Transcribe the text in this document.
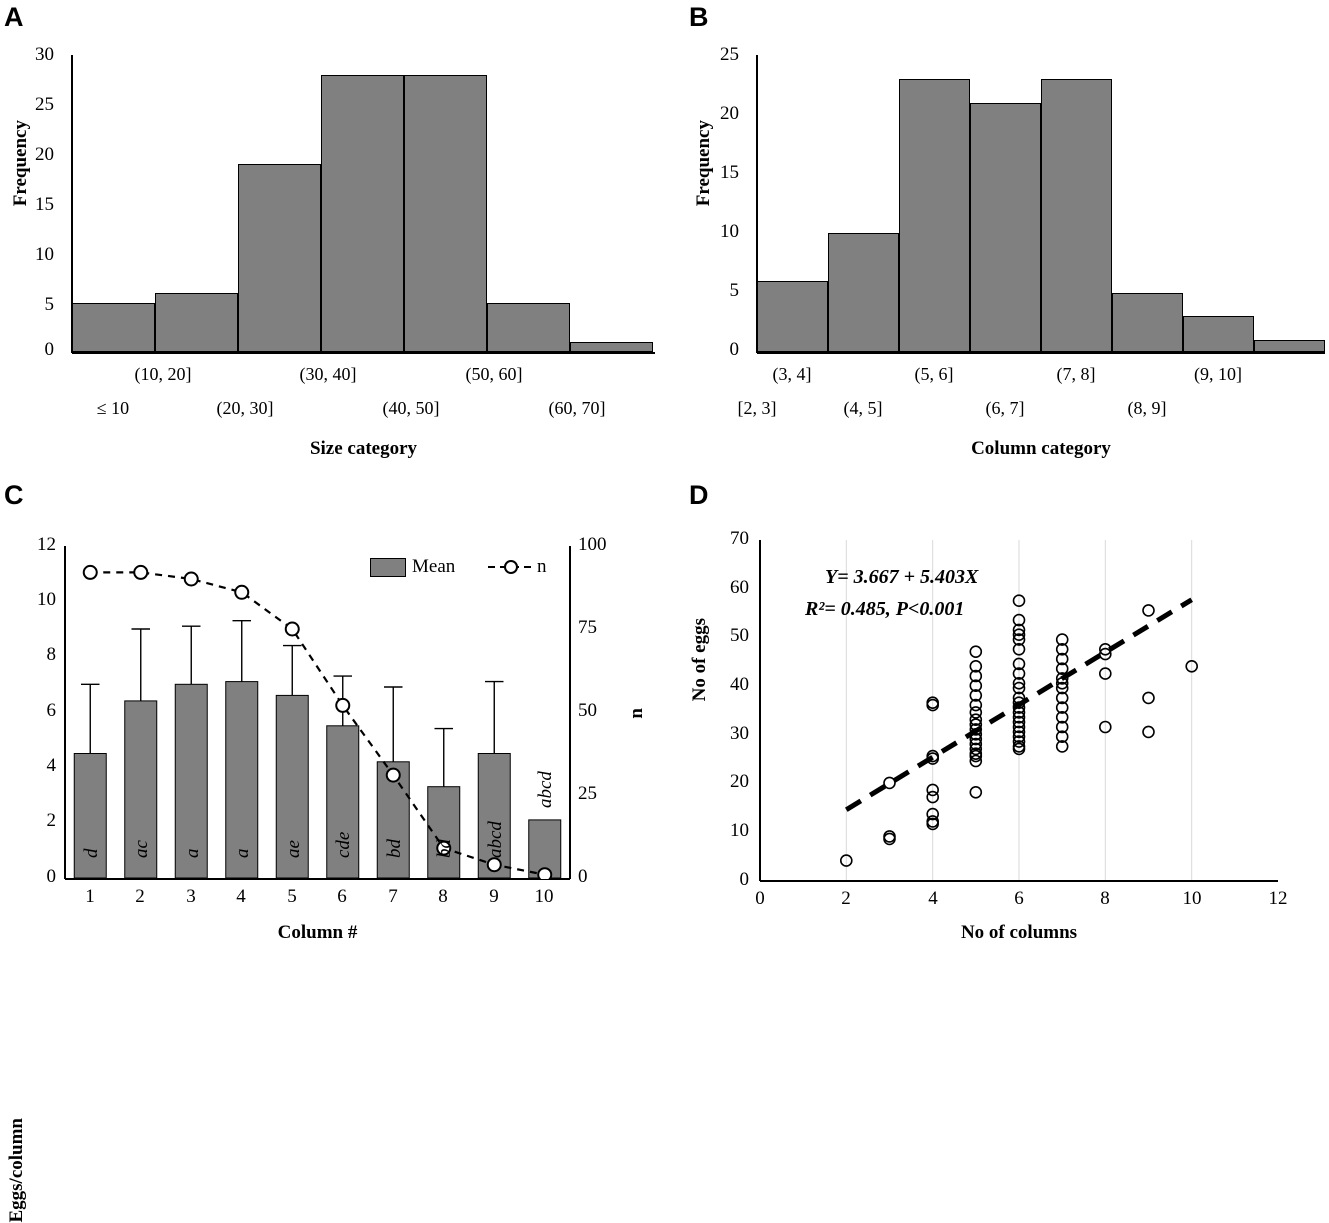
A
Frequency
30
25
20
15
10
5
0
(10, 20]	(30, 40]	(50, 60]
≤ 10	(20, 30]	(40, 50]	(60, 70]
Size category
B
Frequency
25
20
15
10
5
0
(3, 4]	(5, 6]	(7, 8]	(9, 10]
[2, 3]	(4, 5]	(6, 7]	(8, 9]
Column category
C
Eggs/column
n
12
10
8
6
4
2
0
100
75
50
25
0
d ac a a ae cde bd bd abcd
abcd
Mean	n
1	2	3	4	5	6	7	8	9	10
Column #
D
No of eggs
70
60
50
40
30
20
10
0
Y= 3.667 + 5.403X
R²= 0.485, P<0.001
0	2	4	6	8	10	12
No of columns
